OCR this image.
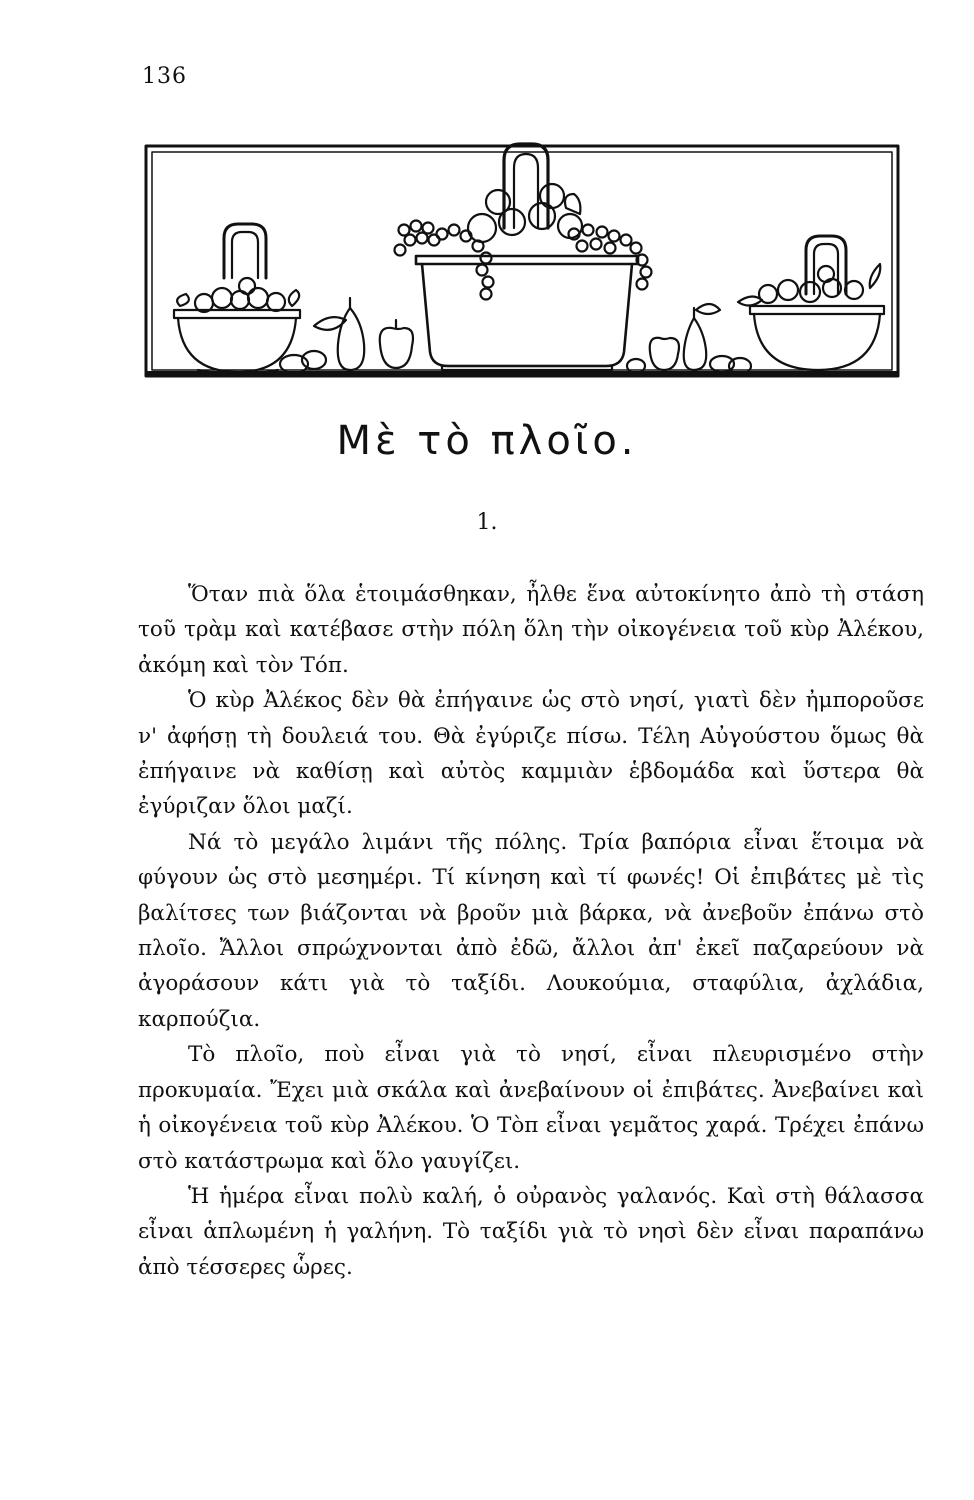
136
Μὲ τὸ πλοῖο.
1.

Ὅταν πιὰ ὅλα ἑτοιμάσθηκαν, ἦλθε ἕνα αὐτοκίνητο ἀπὸ τὴ στάση τοῦ τρὰμ καὶ κατέβασε στὴν πόλη ὅλη τὴν οἰκογένεια τοῦ κὺρ Ἀλέκου, ἀκόμη καὶ τὸν Τόπ.

Ὁ κὺρ Ἀλέκος δὲν θὰ ἐπήγαινε ὡς στὸ νησί, γιατὶ δὲν ἠμποροῦσε ν' ἀφήσῃ τὴ δουλειά του. Θὰ ἐγύριζε πίσω. Τέλη Αὐγούστου ὅμως θὰ ἐπήγαινε νὰ καθίσῃ καὶ αὐτὸς καμμιὰν ἑβδομάδα καὶ ὕστερα θὰ ἐγύριζαν ὅλοι μαζί.

Νά τὸ μεγάλο λιμάνι τῆς πόλης. Τρία βαπόρια εἶναι ἕτοιμα νὰ φύγουν ὡς στὸ μεσημέρι. Τί κίνηση καὶ τί φωνές! Οἱ ἐπιβάτες μὲ τὶς βαλίτσες των βιάζονται νὰ βροῦν μιὰ βάρκα, νὰ ἀνεβοῦν ἐπάνω στὸ πλοῖο. Ἄλλοι σπρώχνονται ἀπὸ ἐδῶ, ἄλλοι ἀπ' ἐκεῖ παζαρεύουν νὰ ἀγοράσουν κάτι γιὰ τὸ ταξίδι. Λουκούμια, σταφύλια, ἀχλάδια, καρπούζια.

Τὸ πλοῖο, ποὺ εἶναι γιὰ τὸ νησί, εἶναι πλευρισμένο στὴν προκυμαία. Ἔχει μιὰ σκάλα καὶ ἀνεβαίνουν οἱ ἐπιβάτες. Ἀνεβαίνει καὶ ἡ οἰκογένεια τοῦ κὺρ Ἀλέκου. Ὁ Τὸπ εἶναι γεμᾶτος χαρά. Τρέχει ἐπάνω στὸ κατάστρωμα καὶ ὅλο γαυγίζει.

Ἡ ἡμέρα εἶναι πολὺ καλή, ὁ οὐρανὸς γαλανός. Καὶ στὴ θάλασσα εἶναι ἁπλωμένη ἡ γαλήνη. Τὸ ταξίδι γιὰ τὸ νησὶ δὲν εἶναι παραπάνω ἀπὸ τέσσερες ὧρες.
